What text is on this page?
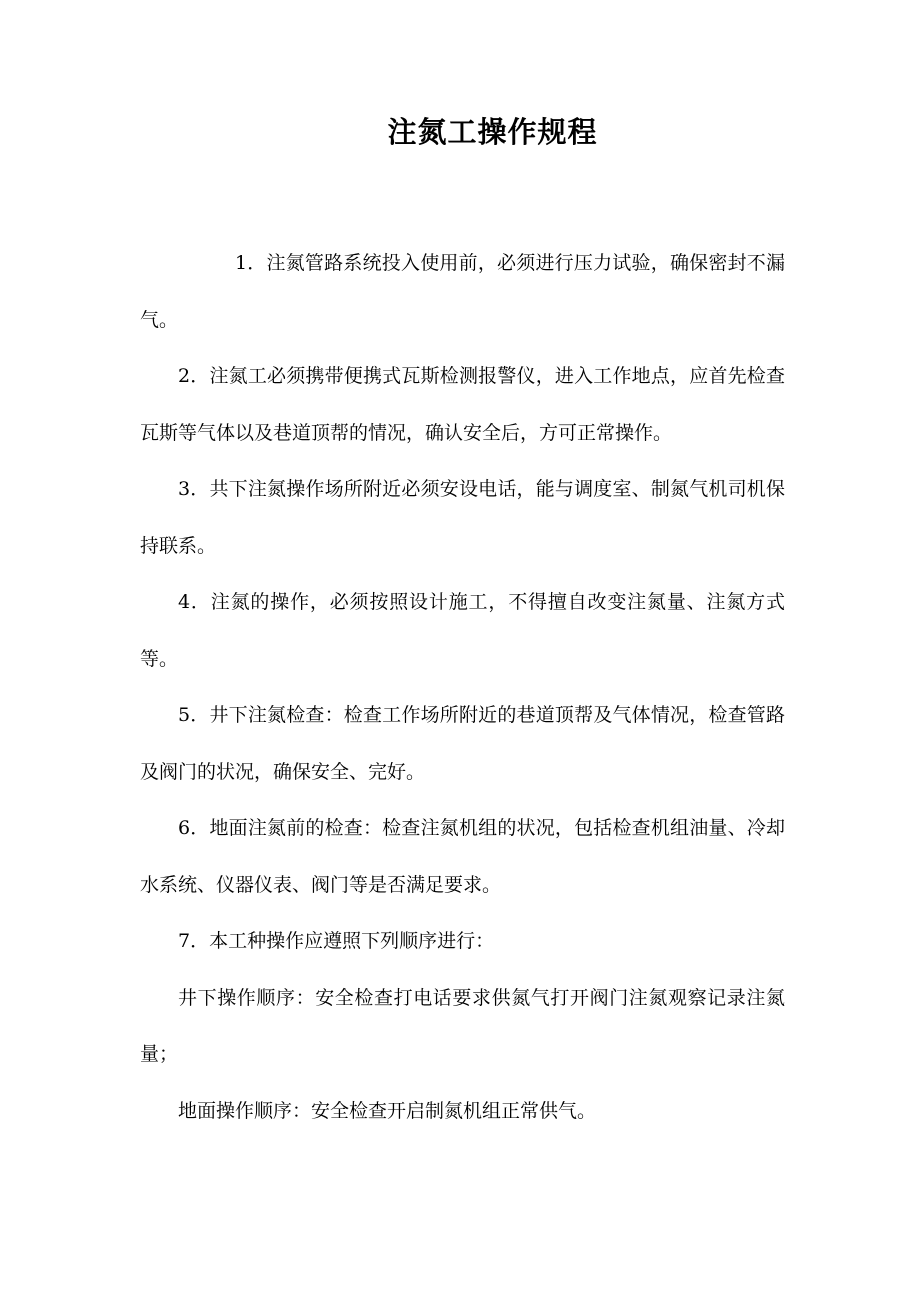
注氮工操作规程

1．注氮管路系统投入使用前，必须进行压力试验，确保密封不漏气。

2．注氮工必须携带便携式瓦斯检测报警仪，进入工作地点，应首先检查瓦斯等气体以及巷道顶帮的情况，确认安全后，方可正常操作。

3．共下注氮操作场所附近必须安设电话，能与调度室、制氮气机司机保持联系。

4．注氮的操作，必须按照设计施工，不得擅自改变注氮量、注氮方式等。

5．井下注氮检查：检查工作场所附近的巷道顶帮及气体情况，检查管路及阀门的状况，确保安全、完好。

6．地面注氮前的检查：检查注氮机组的状况，包括检查机组油量、冷却水系统、仪器仪表、阀门等是否满足要求。

7．本工种操作应遵照下列顺序进行：

井下操作顺序：安全检查打电话要求供氮气打开阀门注氮观察记录注氮量；

地面操作顺序：安全检查开启制氮机组正常供气。
